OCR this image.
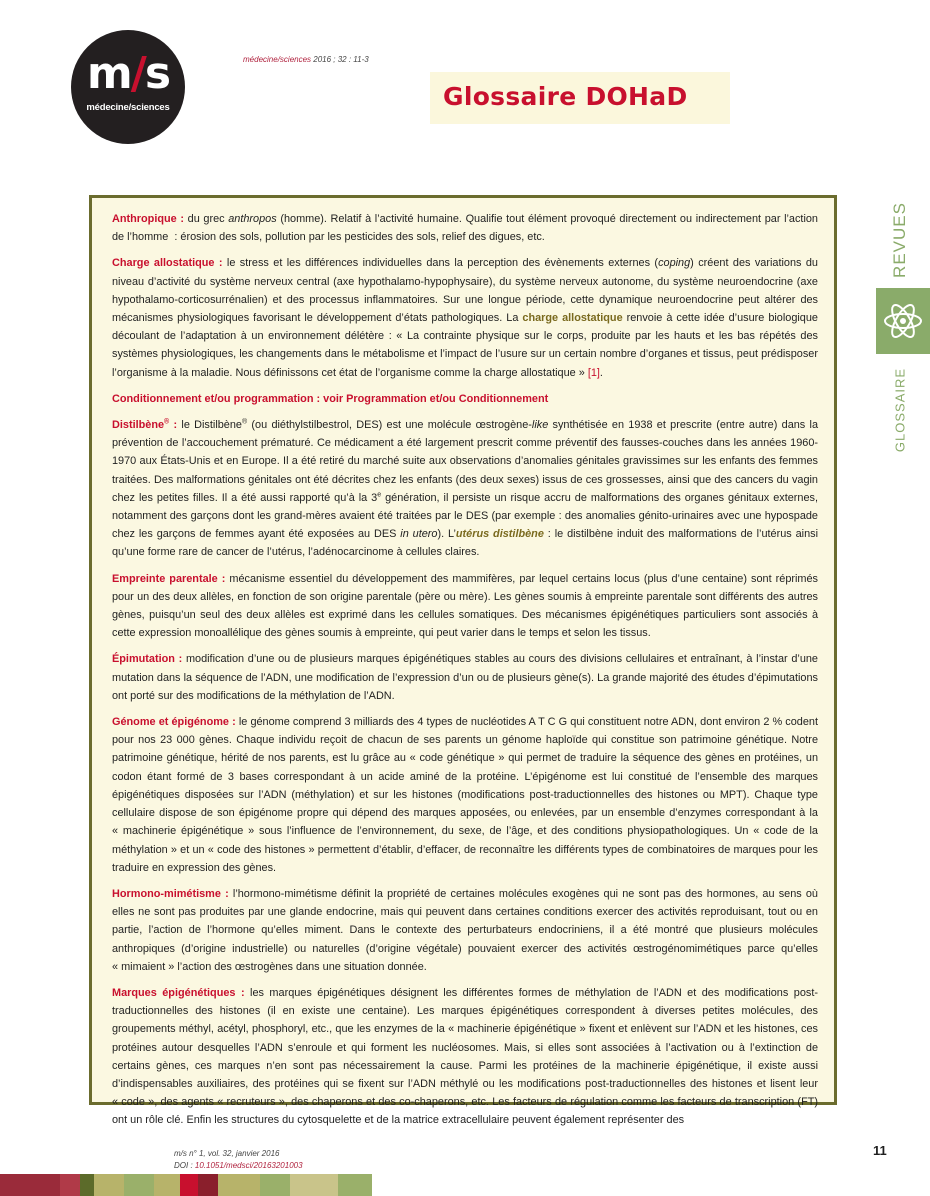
m/s
médecine/sciences
médecine/sciences 2016 ; 32 : 11-3
Glossaire DOHaD
REVUES
GLOSSAIRE

Anthropique : du grec anthropos (homme). Relatif à l’activité humaine. Qualifie tout élément provoqué directement ou indirectement par l’action de l’homme  : érosion des sols, pollution par les pesticides des sols, relief des digues, etc.

Charge allostatique : le stress et les différences individuelles dans la perception des évènements externes (coping) créent des variations du niveau d’activité du système nerveux central (axe hypothalamo-hypophysaire), du système nerveux autonome, du système neuroendocrine (axe hypothalamo-corticosurrénalien) et des processus inflammatoires. Sur une longue période, cette dynamique neuroendocrine peut altérer des mécanismes physiologiques favorisant le développement d’états pathologiques. La charge allostatique renvoie à cette idée d’usure biologique découlant de l’adaptation à un environnement délétère : « La contrainte physique sur le corps, produite par les hauts et les bas répétés des systèmes physiologiques, les changements dans le métabolisme et l’impact de l’usure sur un certain nombre d’organes et tissus, peut prédisposer l’organisme à la maladie. Nous définissons cet état de l’organisme comme la charge allostatique » [1].

Conditionnement et/ou programmation : voir Programmation et/ou Conditionnement

Distilbène® : le Distilbène® (ou diéthylstilbestrol, DES) est une molécule œstrogène-like synthétisée en 1938 et prescrite (entre autre) dans la prévention de l’accouchement prématuré. Ce médicament a été largement prescrit comme préventif des fausses-couches dans les années 1960-1970 aux États-Unis et en Europe. Il a été retiré du marché suite aux observations d’anomalies génitales gravissimes sur les enfants des femmes traitées. Des malformations génitales ont été décrites chez les enfants (des deux sexes) issus de ces grossesses, ainsi que des cancers du vagin chez les petites filles. Il a été aussi rapporté qu’à la 3e génération, il persiste un risque accru de malformations des organes génitaux externes, notamment des garçons dont les grand-mères avaient été traitées par le DES (par exemple : des anomalies génito-urinaires avec une hypospade chez les garçons de femmes ayant été exposées au DES in utero). L’utérus distilbène : le distilbène induit des malformations de l’utérus ainsi qu’une forme rare de cancer de l’utérus, l’adénocarcinome à cellules claires.

Empreinte parentale : mécanisme essentiel du développement des mammifères, par lequel certains locus (plus d’une centaine) sont réprimés pour un des deux allèles, en fonction de son origine parentale (père ou mère). Les gènes soumis à empreinte parentale sont différents des autres gènes, puisqu’un seul des deux allèles est exprimé dans les cellules somatiques. Des mécanismes épigénétiques particuliers sont associés à cette expression monoallélique des gènes soumis à empreinte, qui peut varier dans le temps et selon les tissus.

Épimutation : modification d’une ou de plusieurs marques épigénétiques stables au cours des divisions cellulaires et entraînant, à l’instar d’une mutation dans la séquence de l’ADN, une modification de l’expression d’un ou de plusieurs gène(s). La grande majorité des études d’épimutations ont porté sur des modifications de la méthylation de l’ADN.

Génome et épigénome : le génome comprend 3 milliards des 4 types de nucléotides A T C G qui constituent notre ADN, dont environ 2 % codent pour nos 23 000 gènes. Chaque individu reçoit de chacun de ses parents un génome haploïde qui constitue son patrimoine génétique. Notre patrimoine génétique, hérité de nos parents, est lu grâce au « code génétique » qui permet de traduire la séquence des gènes en protéines, un codon étant formé de 3 bases correspondant à un acide aminé de la protéine. L’épigénome est lui constitué de l’ensemble des marques épigénétiques disposées sur l’ADN (méthylation) et sur les histones (modifications post-traductionnelles des histones ou MPT). Chaque type cellulaire dispose de son épigénome propre qui dépend des marques apposées, ou enlevées, par un ensemble d’enzymes correspondant à la « machinerie épigénétique » sous l’influence de l’environnement, du sexe, de l’âge, et des conditions physiopathologiques. Un « code de la méthylation » et un « code des histones » permettent d’établir, d’effacer, de reconnaître les différents types de combinatoires de marques pour les traduire en expression des gènes.

Hormono-mimétisme : l’hormono-mimétisme définit la propriété de certaines molécules exogènes qui ne sont pas des hormones, au sens où elles ne sont pas produites par une glande endocrine, mais qui peuvent dans certaines conditions exercer des activités reproduisant, tout ou en partie, l’action de l’hormone qu’elles miment. Dans le contexte des perturbateurs endocriniens, il a été montré que plusieurs molécules anthropiques (d’origine industrielle) ou naturelles (d’origine végétale) pouvaient exercer des activités œstrogénomimétiques parce qu’elles « mimaient » l’action des œstrogènes dans une situation donnée.

Marques épigénétiques : les marques épigénétiques désignent les différentes formes de méthylation de l’ADN et des modifications post-traductionnelles des histones (il en existe une centaine). Les marques épigénétiques correspondent à diverses petites molécules, des groupements méthyl, acétyl, phosphoryl, etc., que les enzymes de la « machinerie épigénétique » fixent et enlèvent sur l’ADN et les histones, ces protéines autour desquelles l’ADN s’enroule et qui forment les nucléosomes. Mais, si elles sont associées à l’activation ou à l’extinction de certains gènes, ces marques n’en sont pas nécessairement la cause. Parmi les protéines de la machinerie épigénétique, il existe aussi d’indispensables auxiliaires, des protéines qui se fixent sur l’ADN méthylé ou les modifications post-traductionnelles des histones et lisent leur « code », des agents « recruteurs », des chaperons et des co-chaperons, etc. Les facteurs de régulation comme les facteurs de transcription (FT) ont un rôle clé. Enfin les structures du cytosquelette et de la matrice extracellulaire peuvent également représenter des

m/s n° 1, vol. 32, janvier 2016
DOI : 10.1051/medsci/20163201003
11
